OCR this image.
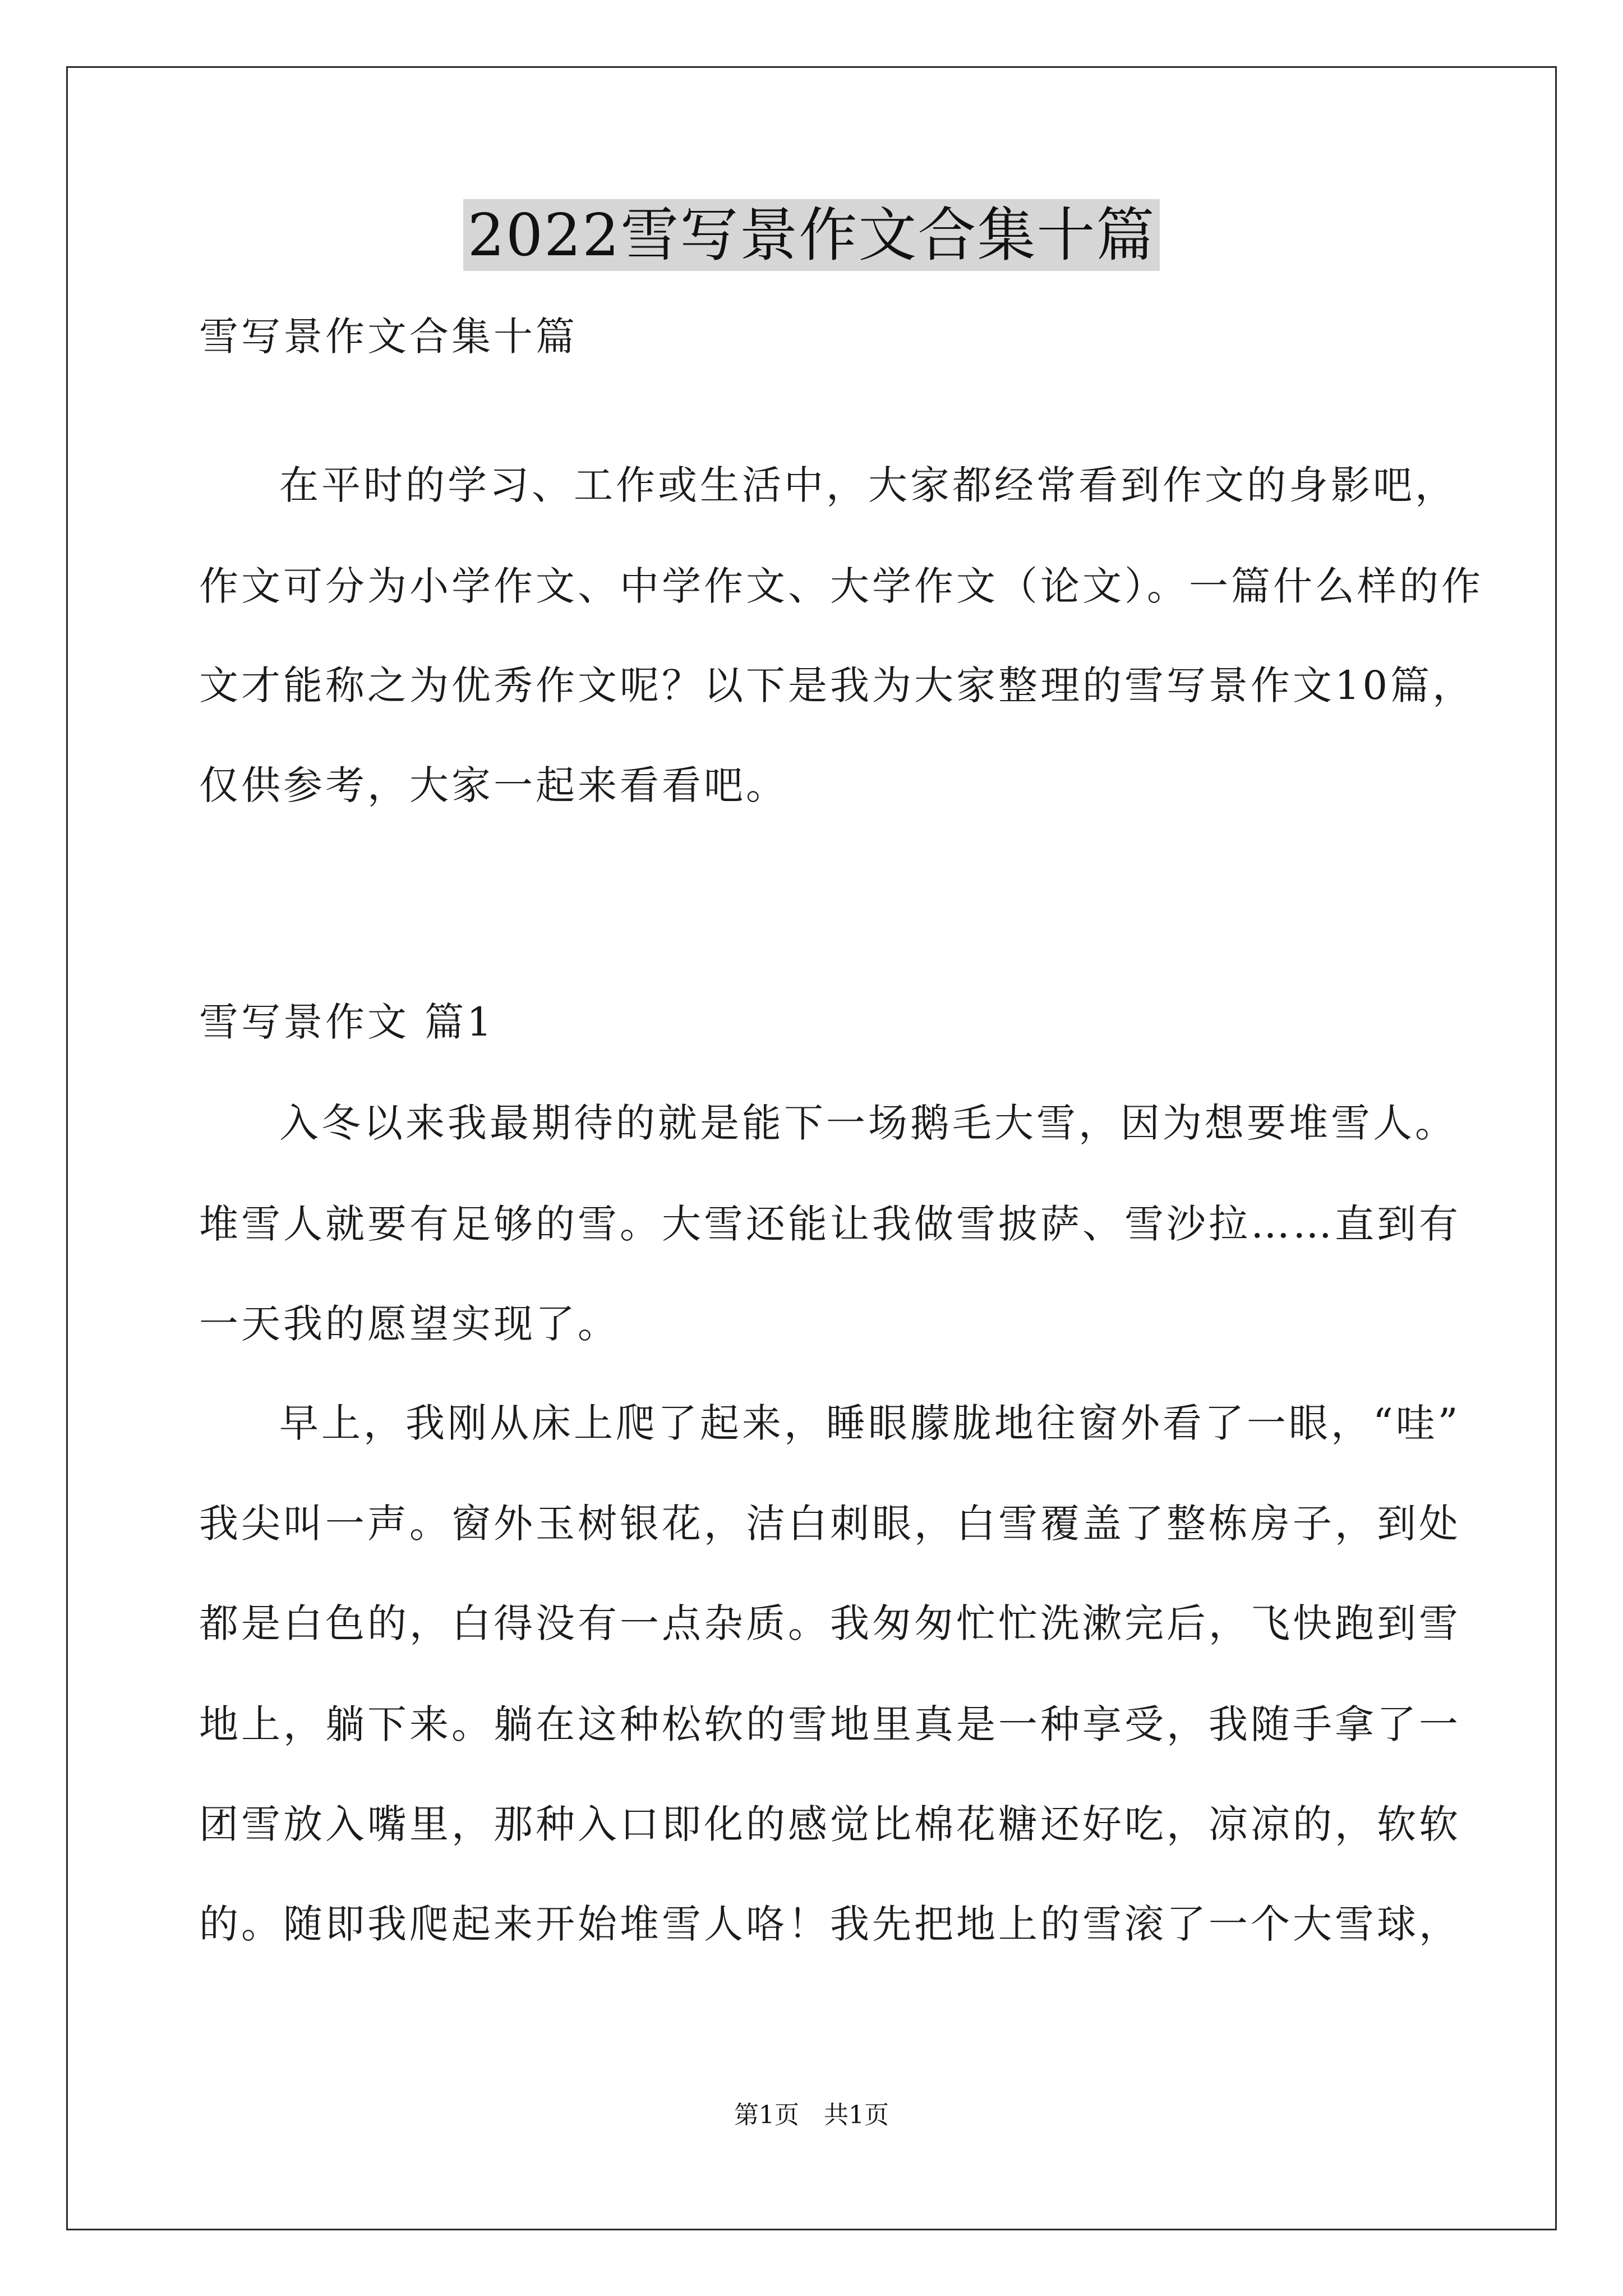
2022雪写景作文合集十篇
雪写景作文合集十篇
在平时的学习、工作或生活中，大家都经常看到作文的身影吧，
作文可分为小学作文、中学作文、大学作文（论文）。一篇什么样的作
文才能称之为优秀作文呢？以下是我为大家整理的雪写景作文10篇，
仅供参考，大家一起来看看吧。
雪写景作文 篇1
入冬以来我最期待的就是能下一场鹅毛大雪，因为想要堆雪人。
堆雪人就要有足够的雪。大雪还能让我做雪披萨、雪沙拉……直到有
一天我的愿望实现了。
早上，我刚从床上爬了起来，睡眼朦胧地往窗外看了一眼，“哇”
我尖叫一声。窗外玉树银花，洁白刺眼，白雪覆盖了整栋房子，到处
都是白色的，白得没有一点杂质。我匆匆忙忙洗漱完后，飞快跑到雪
地上，躺下来。躺在这种松软的雪地里真是一种享受，我随手拿了一
团雪放入嘴里，那种入口即化的感觉比棉花糖还好吃，凉凉的，软软
的。随即我爬起来开始堆雪人咯！我先把地上的雪滚了一个大雪球，
第1页　共1页
